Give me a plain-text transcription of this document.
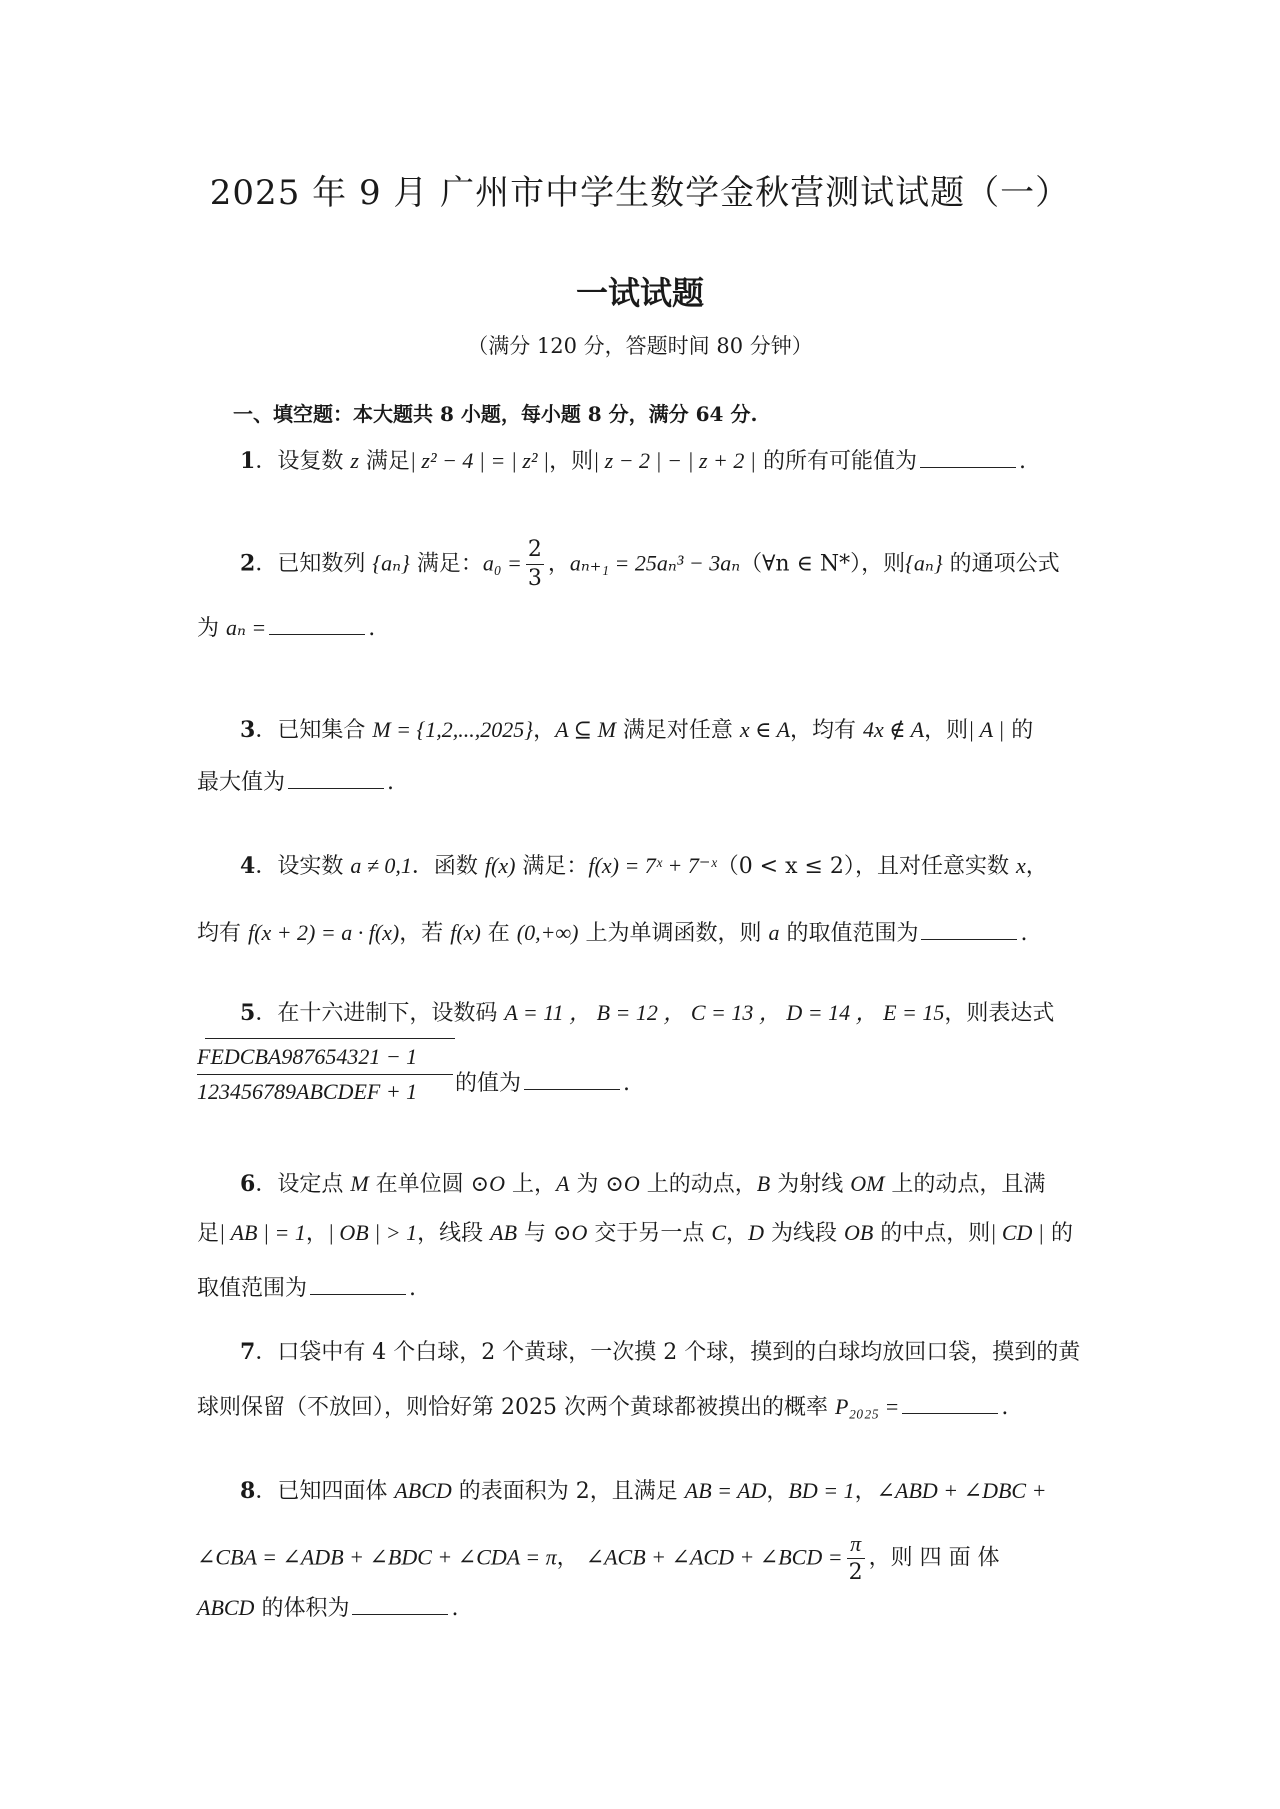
2025 年 9 月 广州市中学生数学金秋营测试试题（一）
一试试题
（满分 120 分，答题时间 80 分钟）
一、填空题：本大题共 8 小题，每小题 8 分，满分 64 分.
1．设复数 z 满足| z² − 4 | = | z² |，则| z − 2 | − | z + 2 | 的所有可能值为	.
2．已知数列 {aₙ} 满足：$a_0 = \frac{2}{3}$ ，aₙ₊₁ = 25aₙ³ − 3aₙ（∀n ∈ N*），则{aₙ} 的通项公式
为 aₙ =	.
3．已知集合 M = {1,2,...,2025}，A ⊆ M 满足对任意 x ∈ A，均有 4x ∉ A，则| A | 的
最大值为	.
4．设实数 a ≠ 0,1．函数 f(x) 满足：f(x) = 7ˣ + 7⁻ˣ（0 < x ≤ 2），且对任意实数 x，
均有 f(x + 2) = a · f(x)，若 f(x) 在 (0,+∞) 上为单调函数，则 a 的取值范围为	.
5．在十六进制下，设数码 A = 11 ， B = 12 ， C = 13 ， D = 14 ， E = 15，则表达式
FEDCBA987654321 − 1
123456789ABCDEF + 1	的值为	.
6．设定点 M 在单位圆 ⊙O 上，A 为 ⊙O 上的动点，B 为射线 OM 上的动点，且满
足| AB | = 1，| OB | > 1，线段 AB 与 ⊙O 交于另一点 C，D 为线段 OB 的中点，则| CD | 的
取值范围为	.
7．口袋中有 4 个白球，2 个黄球，一次摸 2 个球，摸到的白球均放回口袋，摸到的黄
球则保留（不放回），则恰好第 2025 次两个黄球都被摸出的概率 P₂₀₂₅ =	.
8．已知四面体 ABCD 的表面积为 2，且满足 AB = AD，BD = 1，∠ABD + ∠DBC +
∠CBA = ∠ADB + ∠BDC + ∠CDA = π， ∠ACB + ∠ACD + ∠BCD = $\frac{\pi}{2}$ ，则 四 面 体
ABCD 的体积为	.
